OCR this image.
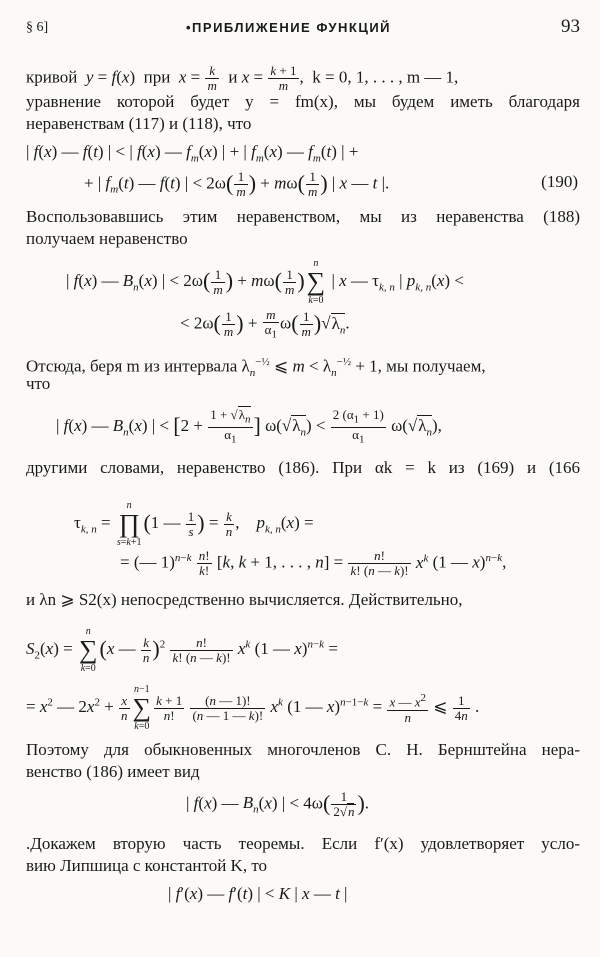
§ 6]	•ПРИБЛИЖЕНИЕ ФУНКЦИЙ	93
кривой y = f(x)  при $x = \frac{k}{m}$ и $x = \frac{k + 1}{m}$ ,  k = 0, 1, . . . , m — 1,
уравнение которой будет y = fm(x), мы будем иметь благодаря
неравенствам (117) и (118), что
| f(x) — f(t) | < | f(x) — $f_m(x)$ | + | $f_m(x)$ — $f_m(t)$ | +
+ | $f_m(t)$ — f(t) | < $2\omega( \frac{1}{m}$ ) + $m\omega( \frac{1}{m}$ ) | x — t |.	(190)
Воспользовавшись этим неравенством, мы из неравенства (188)
получаем неравенство
| f(x) — $B_n(x)$ | < $2\omega( \frac{1}{m}$ ) + $m\omega( \frac{1}{m}$ )
n
∑
k=0
| x — $\tau_{k, n}$ | $p_{k, n}(x)$ <
< $2\omega( \frac{1}{m}$ ) + $\frac{m}{\alpha_1} \omega( \frac{1}{m} )√\lambda_n$.
Отсюда, беря m из интервала $\lambda_n^{-\frac{1}{2}}$ ⩽ $m < \lambda_n^{-\frac{1}{2}} + 1$, мы получаем,
что
| f(x) — $B_n(x)$ | < [$2 + \frac{1 + √\lambda_n}{\alpha_1}$ ] $\omega(√\lambda_n) < \frac{2 (\alpha_1 + 1)}{\alpha_1} \omega(√\lambda_n)$,
другими словами, неравенство (186). При αk = k из (169) и (166
$\tau_{k, n}$ =
n
∏
s=k+1
(1 — $\frac{1}{s}$ ) = $\frac{k}{n}$ ,    $p_{k, n}(x)$ =
= (— $1)^{n-k} \frac{n!}{k!} [k$, k + 1, . . . , $n] = \frac{n!}{k! (n — k)!} x^k$ (1 — x)$^{n-k}$,
и λn ⩾ S2(x) непосредственно вычисляется. Действительно,
$S_2(x)$ =
n
∑
k=0
(x — $\frac{k}{n} )^2 \frac{n!}{k! (n — k)!} x^k$ (1 — x)$^{n-k}$ =
= $x^2$ — $2x^2 + \frac{x}{n}$
n−1
∑
k=0
$\frac{k + 1}{n!}$
$\frac{(n — 1)!}{(n — 1 — k)!} x^k$ (1 — $x)^{n-1-k} = \frac{x — x^2}{n}$ ⩽ $\frac{1}{4n}$ .
Поэтому для обыкновенных многочленов С. Н. Бернштейна нера-
венство (186) имеет вид
| f(x) — $B_n(x)$ | < $4\omega( \frac{1}{2√n}$ ).
.Докажем вторую часть теоремы. Если f′(x) удовлетворяет усло-
вию Липшица с константой K, то
| f′(x) — f′(t) | < K | x — t |
